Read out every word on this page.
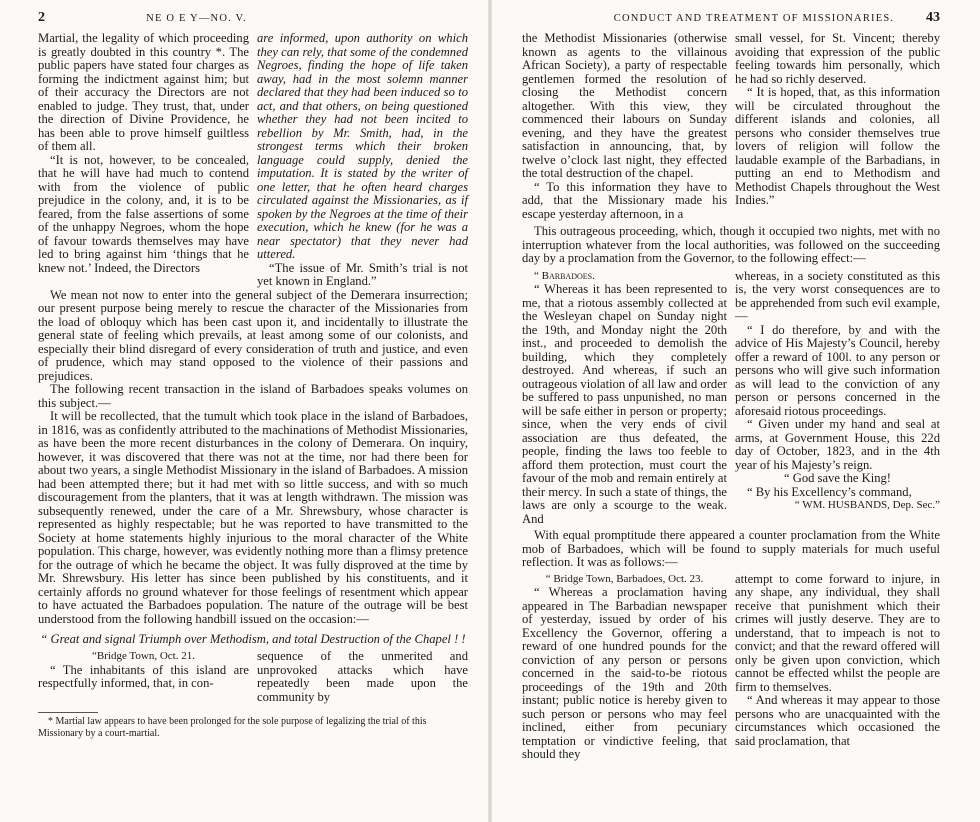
2	NE O E Y—NO. V.

Martial, the legality of which proceeding is greatly doubted in this country *. The public papers have stated four charges as forming the indictment against him; but of their accuracy the Directors are not enabled to judge. They trust, that, under the direction of Divine Providence, he has been able to prove himself guiltless of them all.

“It is not, however, to be concealed, that he will have had much to contend with from the violence of public prejudice in the colony, and, it is to be feared, from the false assertions of some of the unhappy Negroes, whom the hope of favour towards themselves may have led to bring against him ‘things that he knew not.’ Indeed, the Directors

are informed, upon authority on which they can rely, that some of the condemned Negroes, finding the hope of life taken away, had in the most solemn manner declared that they had been induced so to act, and that others, on being questioned whether they had not been incited to rebellion by Mr. Smith, had, in the strongest terms which their broken language could supply, denied the imputation. It is stated by the writer of one letter, that he often heard charges circulated against the Missionaries, as if spoken by the Negroes at the time of their execution, which he knew (for he was a near spectator) that they never had uttered.

“The issue of Mr. Smith’s trial is not yet known in England.”

We mean not now to enter into the general subject of the Demerara insurrection; our present purpose being merely to rescue the character of the Missionaries from the load of obloquy which has been cast upon it, and incidentally to illustrate the general state of feeling which prevails, at least among some of our colonists, and especially their blind disregard of every consideration of truth and justice, and even of prudence, which may stand opposed to the violence of their passions and prejudices.

The following recent transaction in the island of Barbadoes speaks volumes on this subject.—

It will be recollected, that the tumult which took place in the island of Barbadoes, in 1816, was as confidently attributed to the machinations of Methodist Missionaries, as have been the more recent disturbances in the colony of Demerara. On inquiry, however, it was discovered that there was not at the time, nor had there been for about two years, a single Methodist Missionary in the island of Barbadoes. A mission had been attempted there; but it had met with so little success, and with so much discouragement from the planters, that it was at length withdrawn. The mission was subsequently renewed, under the care of a Mr. Shrewsbury, whose character is represented as highly respectable; but he was reported to have transmitted to the Society at home statements highly injurious to the moral character of the White population. This charge, however, was evidently nothing more than a flimsy pretence for the outrage of which he became the object. It was fully disproved at the time by Mr. Shrewsbury. His letter has since been published by his constituents, and it certainly affords no ground whatever for those feelings of resentment which appear to have actuated the Barbadoes population. The nature of the outrage will be best understood from the following handbill issued on the occasion:—

“ Great and signal Triumph over Methodism, and total Destruction of the Chapel ! !

“Bridge Town, Oct. 21.

“ The inhabitants of this island are respectfully informed, that, in con-

sequence of the unmerited and unprovoked attacks which have repeatedly been made upon the community by

* Martial law appears to have been prolonged for the sole purpose of legalizing the trial of this Missionary by a court-martial.

CONDUCT AND TREATMENT OF MISSIONARIES. 43

the Methodist Missionaries (otherwise known as agents to the villainous African Society), a party of respectable gentlemen formed the resolution of closing the Methodist concern altogether. With this view, they commenced their labours on Sunday evening, and they have the greatest satisfaction in announcing, that, by twelve o’clock last night, they effected the total destruction of the chapel.

“ To this information they have to add, that the Missionary made his escape yesterday afternoon, in a

small vessel, for St. Vincent; thereby avoiding that expression of the public feeling towards him personally, which he had so richly deserved.

“ It is hoped, that, as this information will be circulated throughout the different islands and colonies, all persons who consider themselves true lovers of religion will follow the laudable example of the Barbadians, in putting an end to Methodism and Methodist Chapels throughout the West Indies.”

This outrageous proceeding, which, though it occupied two nights, met with no interruption whatever from the local authorities, was followed on the succeeding day by a proclamation from the Governor, to the following effect:—

“ Barbadoes.

“ Whereas it has been represented to me, that a riotous assembly collected at the Wesleyan chapel on Sunday night the 19th, and Monday night the 20th inst., and proceeded to demolish the building, which they completely destroyed. And whereas, if such an outrageous violation of all law and order be suffered to pass unpunished, no man will be safe either in person or property; since, when the very ends of civil association are thus defeated, the people, finding the laws too feeble to afford them protection, must court the favour of the mob and remain entirely at their mercy. In such a state of things, the laws are only a scourge to the weak. And

whereas, in a society constituted as this is, the very worst consequences are to be apprehended from such evil example,—

“ I do therefore, by and with the advice of His Majesty’s Council, hereby offer a reward of 100l. to any person or persons who will give such information as will lead to the conviction of any person or persons concerned in the aforesaid riotous proceedings.

“ Given under my hand and seal at arms, at Government House, this 22d day of October, 1823, and in the 4th year of his Majesty’s reign.

“ God save the King!

“ By his Excellency’s command,

“ WM. HUSBANDS, Dep. Sec.”

With equal promptitude there appeared a counter proclamation from the White mob of Barbadoes, which will be found to supply materials for much useful reflection. It was as follows:—

“ Bridge Town, Barbadoes, Oct. 23.

“ Whereas a proclamation having appeared in The Barbadian newspaper of yesterday, issued by order of his Excellency the Governor, offering a reward of one hundred pounds for the conviction of any person or persons concerned in the said-to-be riotous proceedings of the 19th and 20th instant; public notice is hereby given to such person or persons who may feel inclined, either from pecuniary temptation or vindictive feeling, that should they

attempt to come forward to injure, in any shape, any individual, they shall receive that punishment which their crimes will justly deserve. They are to understand, that to impeach is not to convict; and that the reward offered will only be given upon conviction, which cannot be effected whilst the people are firm to themselves.

“ And whereas it may appear to those persons who are unacquainted with the circumstances which occasioned the said proclamation, that
